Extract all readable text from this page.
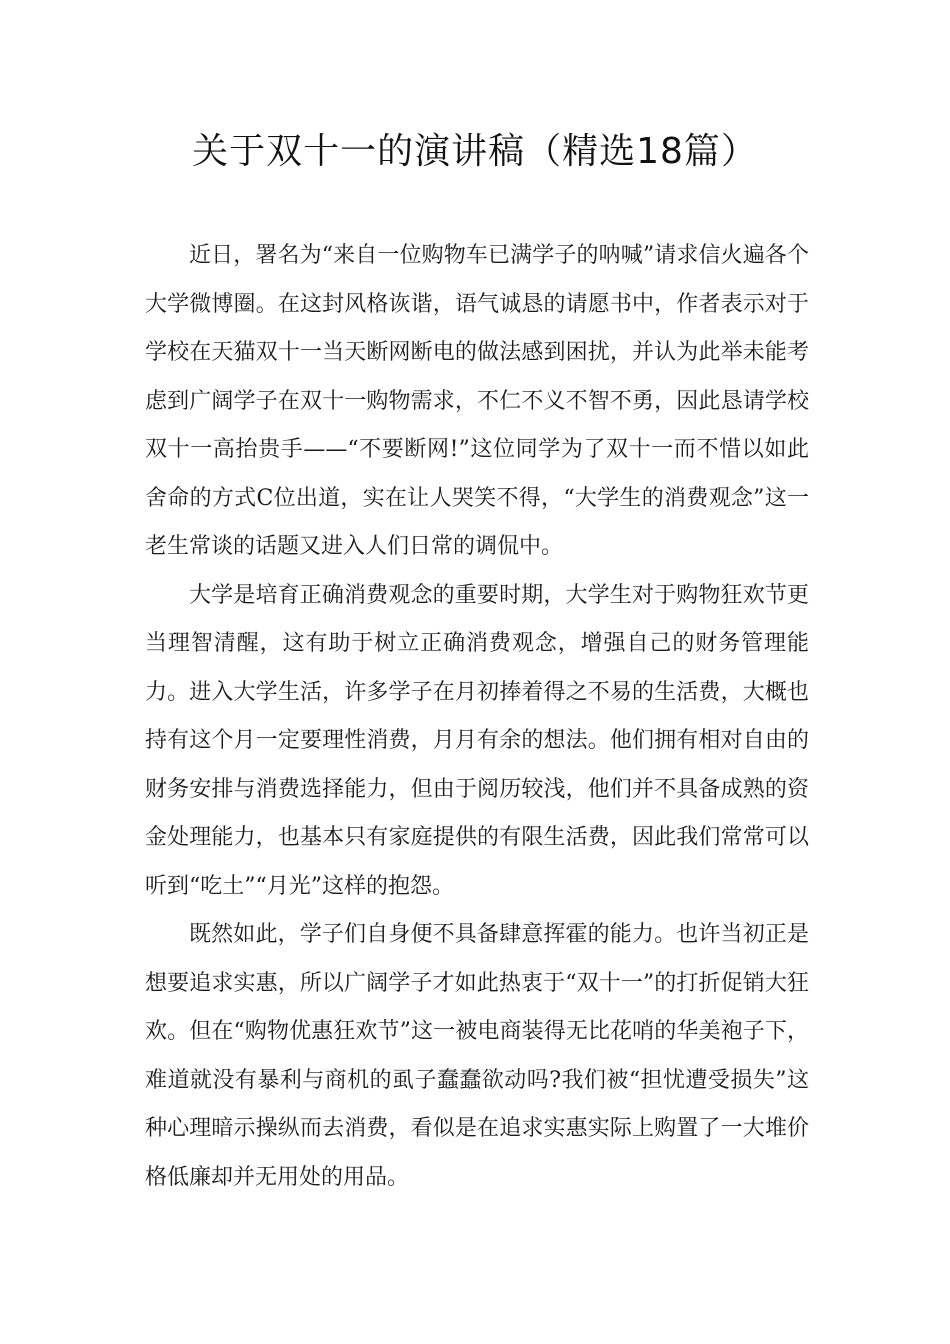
关于双十一的演讲稿（精选18篇）

近日，署名为“来自一位购物车已满学子的呐喊”请求信火遍各个大学微博圈。在这封风格诙谐，语气诚恳的请愿书中，作者表示对于学校在天猫双十一当天断网断电的做法感到困扰，并认为此举未能考虑到广阔学子在双十一购物需求，不仁不义不智不勇，因此恳请学校双十一高抬贵手——“不要断网!”这位同学为了双十一而不惜以如此舍命的方式C位出道，实在让人哭笑不得，“大学生的消费观念”这一老生常谈的话题又进入人们日常的调侃中。

大学是培育正确消费观念的重要时期，大学生对于购物狂欢节更当理智清醒，这有助于树立正确消费观念，增强自己的财务管理能力。进入大学生活，许多学子在月初捧着得之不易的生活费，大概也持有这个月一定要理性消费，月月有余的想法。他们拥有相对自由的财务安排与消费选择能力，但由于阅历较浅，他们并不具备成熟的资金处理能力，也基本只有家庭提供的有限生活费，因此我们常常可以听到“吃土”“月光”这样的抱怨。

既然如此，学子们自身便不具备肆意挥霍的能力。也许当初正是想要追求实惠，所以广阔学子才如此热衷于“双十一”的打折促销大狂欢。但在“购物优惠狂欢节”这一被电商装得无比花哨的华美袍子下，难道就没有暴利与商机的虱子蠢蠢欲动吗?我们被“担忧遭受损失”这种心理暗示操纵而去消费，看似是在追求实惠实际上购置了一大堆价格低廉却并无用处的用品。
